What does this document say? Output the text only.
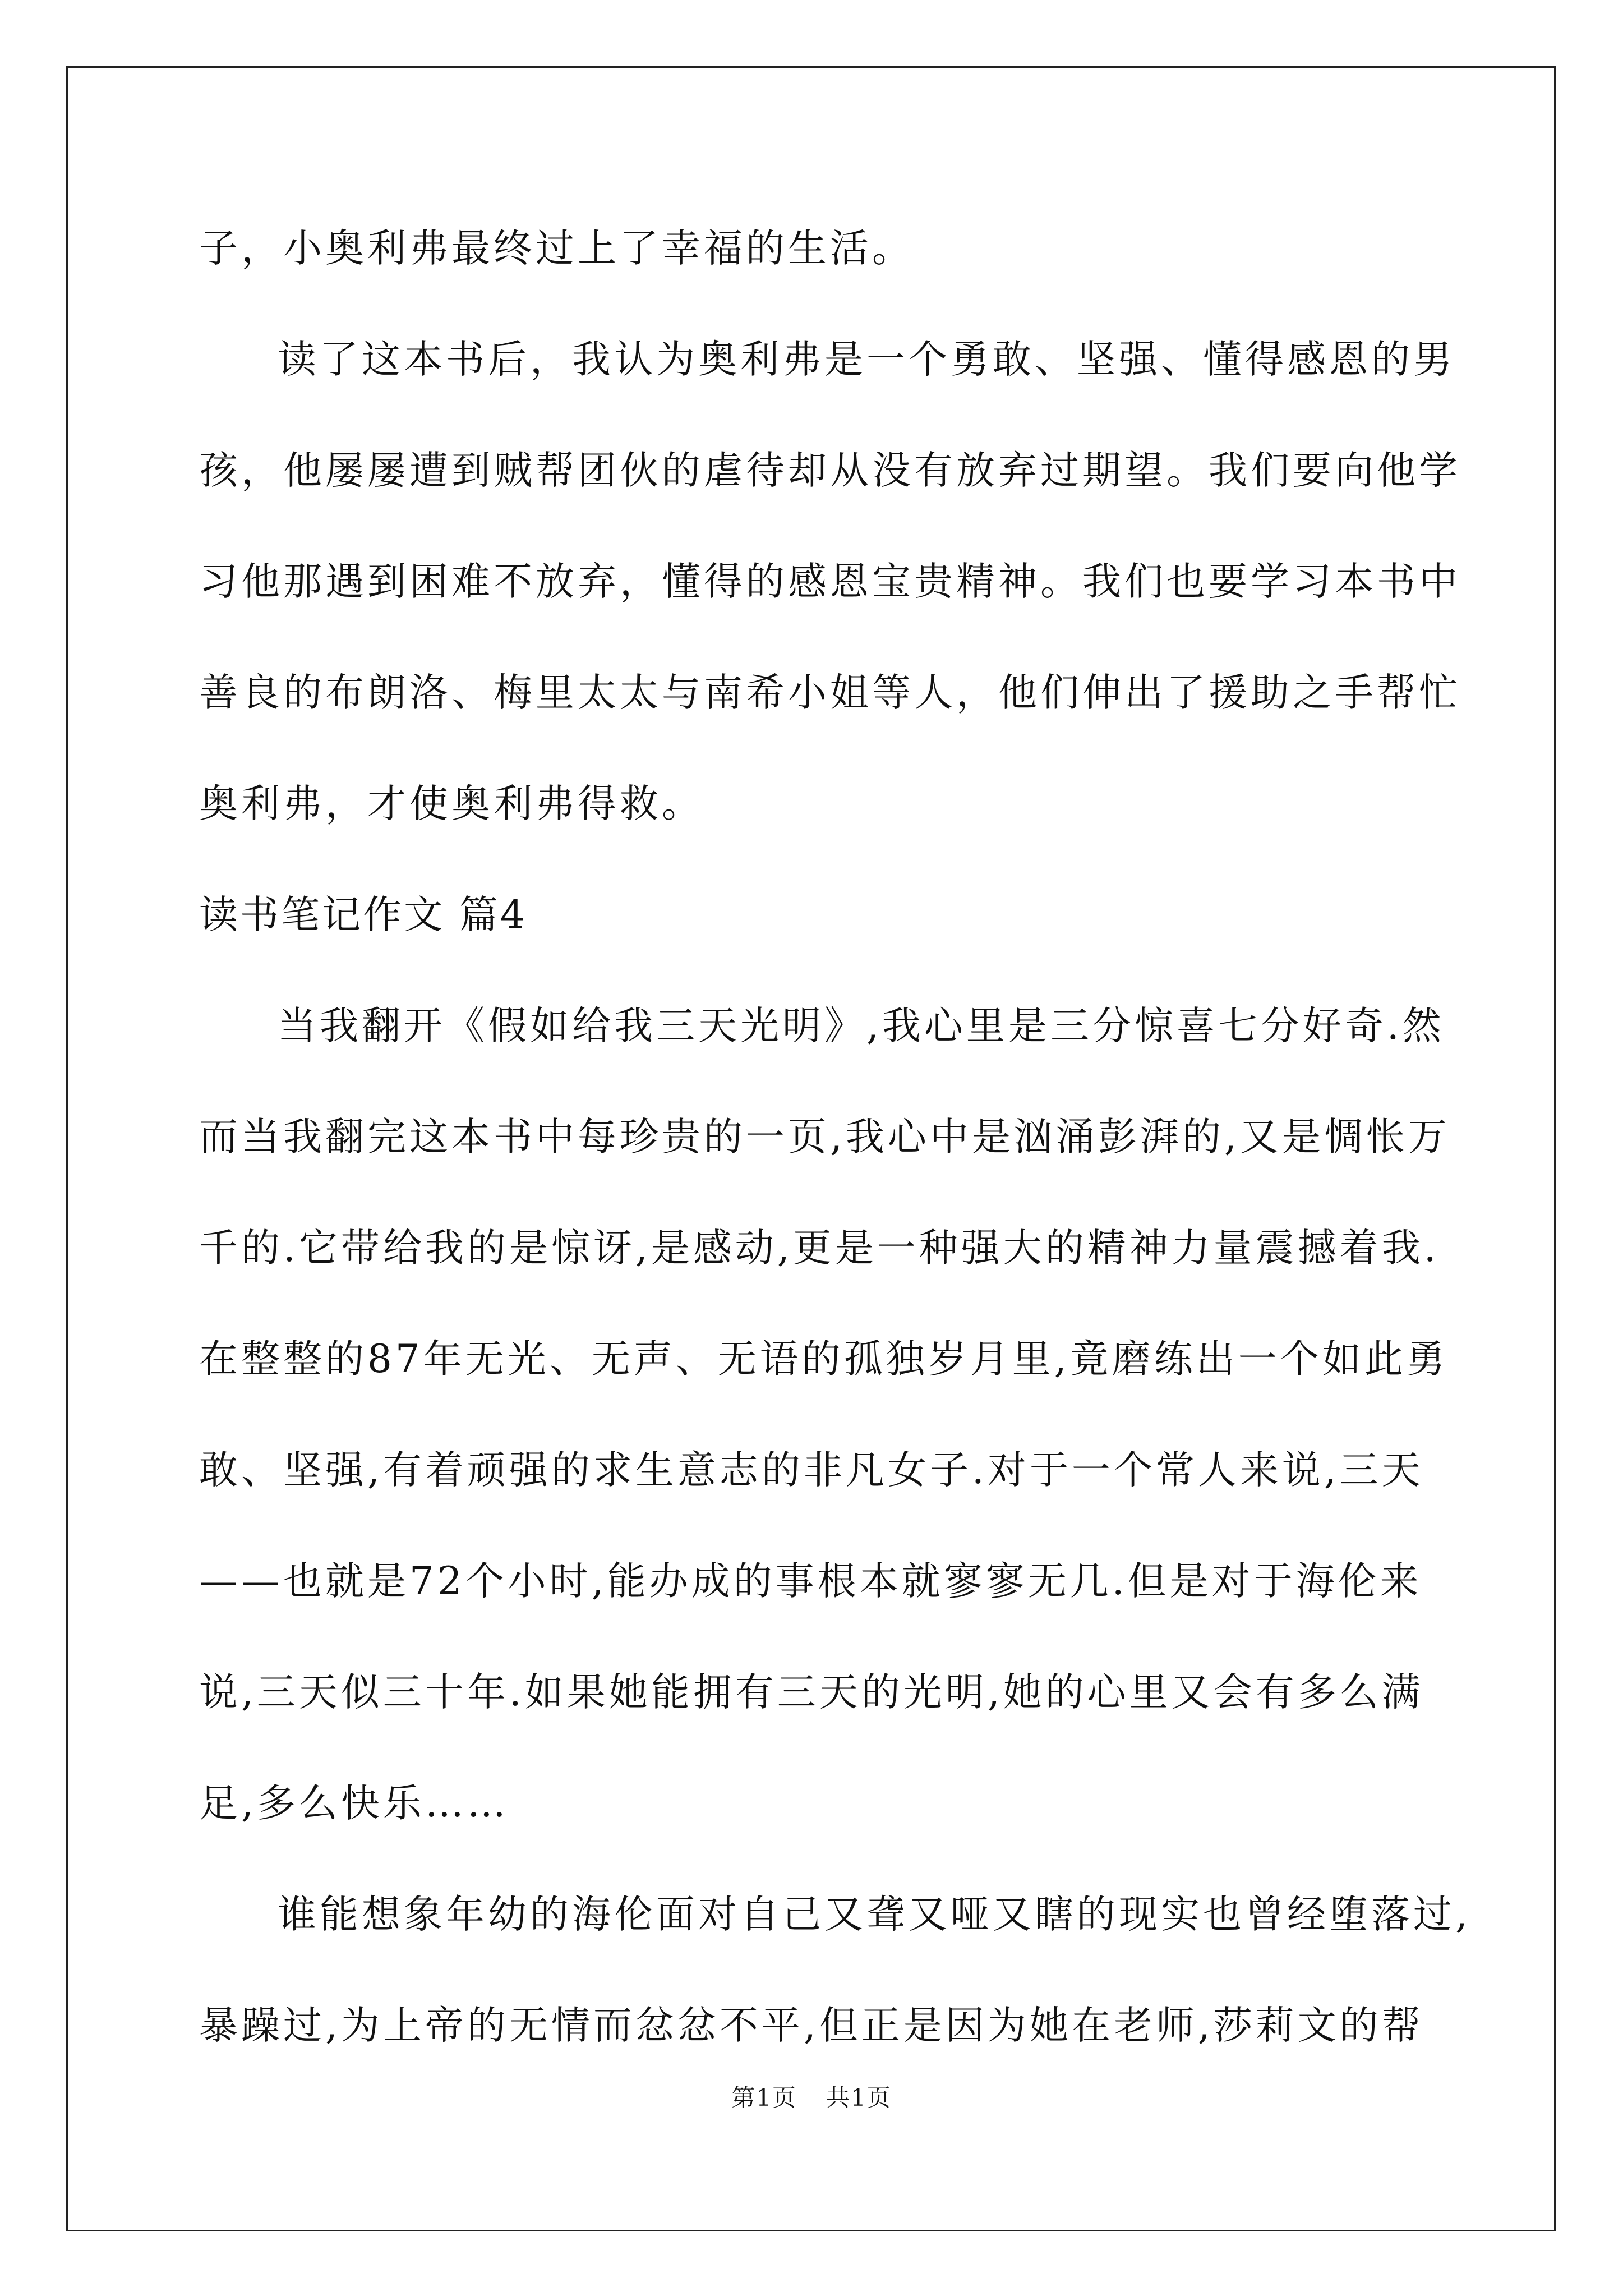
子，小奥利弗最终过上了幸福的生活。
读了这本书后，我认为奥利弗是一个勇敢、坚强、懂得感恩的男
孩，他屡屡遭到贼帮团伙的虐待却从没有放弃过期望。我们要向他学
习他那遇到困难不放弃，懂得的感恩宝贵精神。我们也要学习本书中
善良的布朗洛、梅里太太与南希小姐等人，他们伸出了援助之手帮忙
奥利弗，才使奥利弗得救。
读书笔记作文 篇4
当我翻开《假如给我三天光明》,我心里是三分惊喜七分好奇.然
而当我翻完这本书中每珍贵的一页,我心中是汹涌彭湃的,又是惆怅万
千的.它带给我的是惊讶,是感动,更是一种强大的精神力量震撼着我.
在整整的87年无光、无声、无语的孤独岁月里,竟磨练出一个如此勇
敢、坚强,有着顽强的求生意志的非凡女子.对于一个常人来说,三天
——也就是72个小时,能办成的事根本就寥寥无几.但是对于海伦来
说,三天似三十年.如果她能拥有三天的光明,她的心里又会有多么满
足,多么快乐……
谁能想象年幼的海伦面对自己又聋又哑又瞎的现实也曾经堕落过,
暴躁过,为上帝的无情而忿忿不平,但正是因为她在老师,莎莉文的帮
第1页 共1页
